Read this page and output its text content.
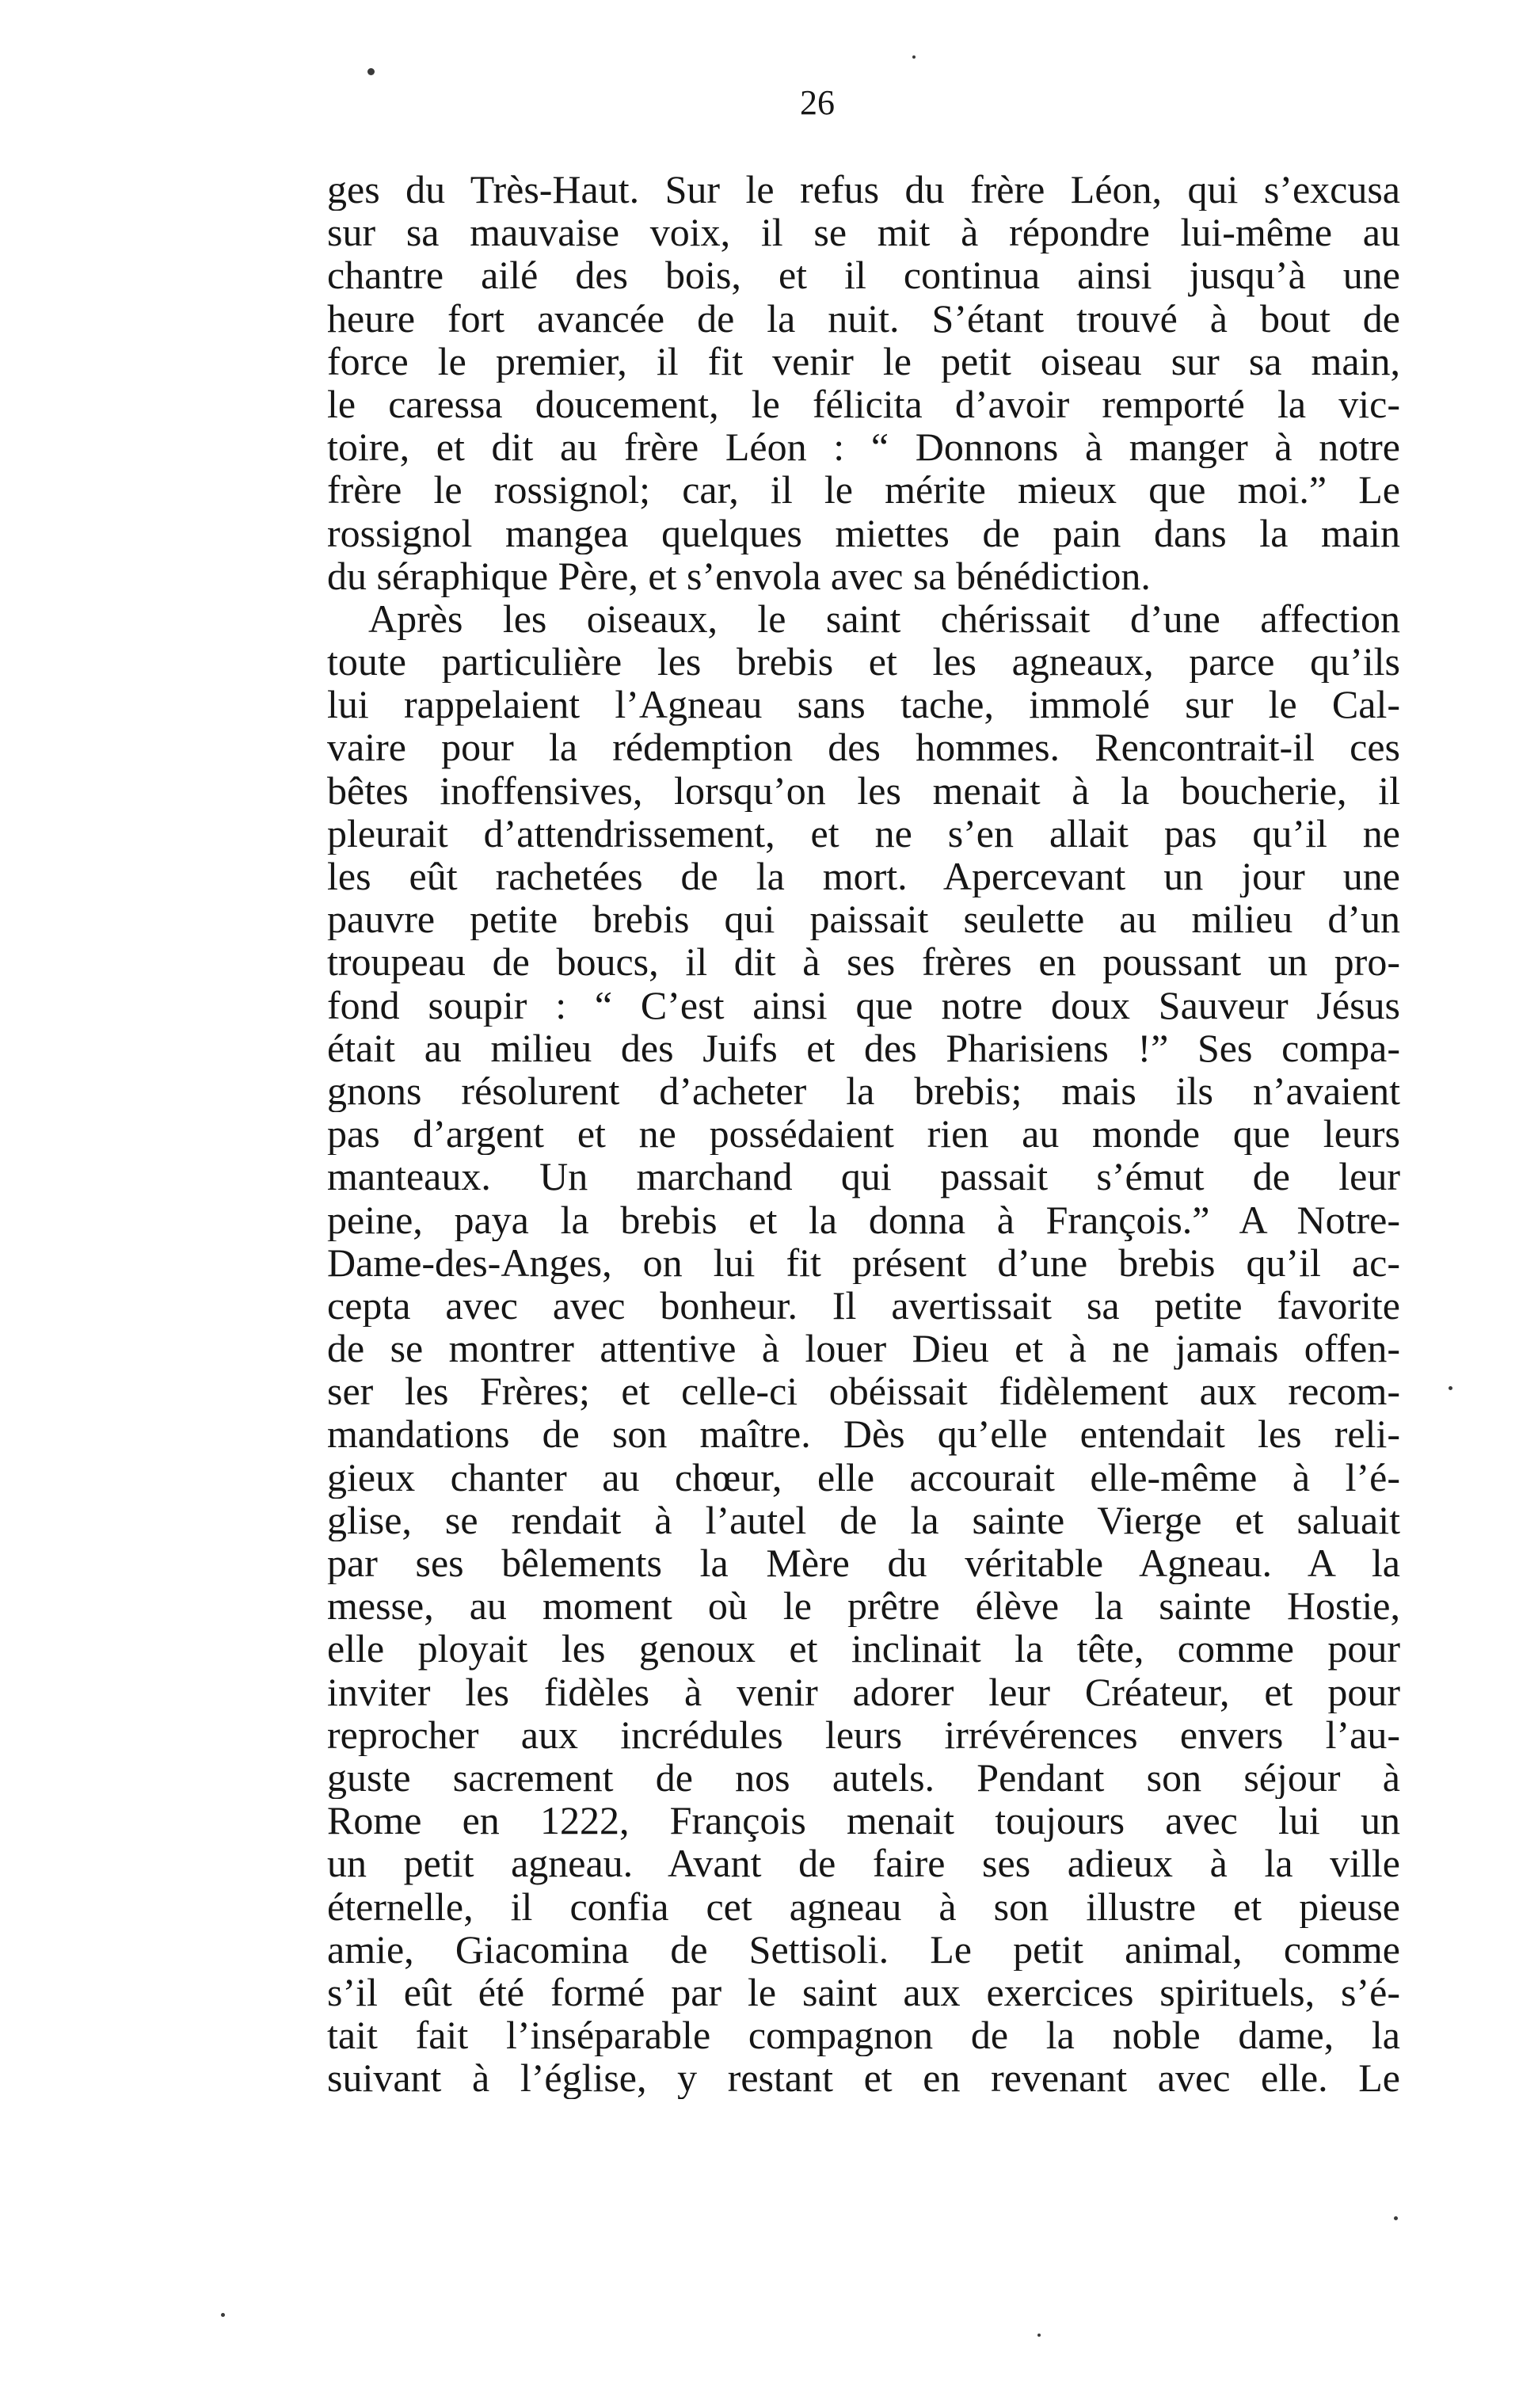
26
ges du Très-Haut. Sur le refus du frère Léon, qui s’excusa
sur sa mauvaise voix, il se mit à répondre lui-même au
chantre ailé des bois, et il continua ainsi jusqu’à une
heure fort avancée de la nuit. S’étant trouvé à bout de
force le premier, il fit venir le petit oiseau sur sa main,
le caressa doucement, le félicita d’avoir remporté la vic-
toire, et dit au frère Léon : “ Donnons à manger à notre
frère le rossignol; car, il le mérite mieux que moi.” Le
rossignol mangea quelques miettes de pain dans la main
du séraphique Père, et s’envola avec sa bénédiction.
Après les oiseaux, le saint chérissait d’une affection
toute particulière les brebis et les agneaux, parce qu’ils
lui rappelaient l’Agneau sans tache, immolé sur le Cal-
vaire pour la rédemption des hommes. Rencontrait-il ces
bêtes inoffensives, lorsqu’on les menait à la boucherie, il
pleurait d’attendrissement, et ne s’en allait pas qu’il ne
les eût rachetées de la mort. Apercevant un jour une
pauvre petite brebis qui paissait seulette au milieu d’un
troupeau de boucs, il dit à ses frères en poussant un pro-
fond soupir : “ C’est ainsi que notre doux Sauveur Jésus
était au milieu des Juifs et des Pharisiens !” Ses compa-
gnons résolurent d’acheter la brebis; mais ils n’avaient
pas d’argent et ne possédaient rien au monde que leurs
manteaux. Un marchand qui passait s’émut de leur
peine, paya la brebis et la donna à François.” A Notre-
Dame-des-Anges, on lui fit présent d’une brebis qu’il ac-
cepta avec avec bonheur. Il avertissait sa petite favorite
de se montrer attentive à louer Dieu et à ne jamais offen-
ser les Frères; et celle-ci obéissait fidèlement aux recom-
mandations de son maître. Dès qu’elle entendait les reli-
gieux chanter au chœur, elle accourait elle-même à l’é-
glise, se rendait à l’autel de la sainte Vierge et saluait
par ses bêlements la Mère du véritable Agneau. A la
messe, au moment où le prêtre élève la sainte Hostie,
elle ployait les genoux et inclinait la tête, comme pour
inviter les fidèles à venir adorer leur Créateur, et pour
reprocher aux incrédules leurs irrévérences envers l’au-
guste sacrement de nos autels. Pendant son séjour à
Rome en 1222, François menait toujours avec lui un
un petit agneau. Avant de faire ses adieux à la ville
éternelle, il confia cet agneau à son illustre et pieuse
amie, Giacomina de Settisoli. Le petit animal, comme
s’il eût été formé par le saint aux exercices spirituels, s’é-
tait fait l’inséparable compagnon de la noble dame, la
suivant à l’église, y restant et en revenant avec elle. Le
